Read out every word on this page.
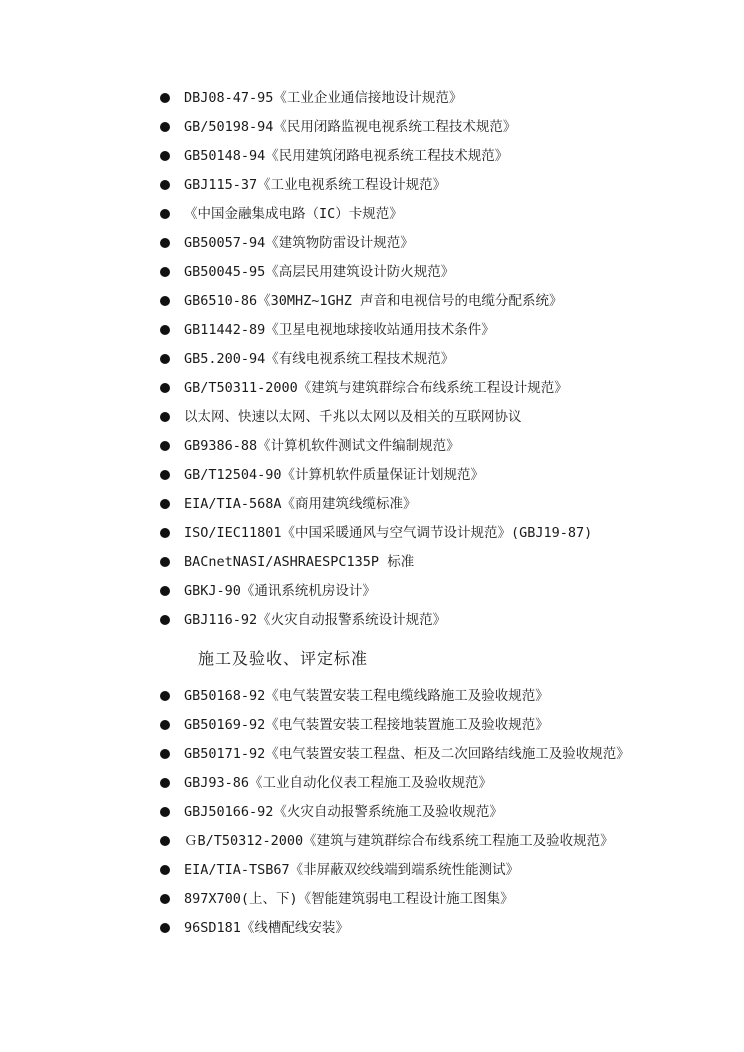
DBJ08-47-95《工业企业通信接地设计规范》
GB/50198-94《民用闭路监视电视系统工程技术规范》
GB50148-94《民用建筑闭路电视系统工程技术规范》
GBJ115-37《工业电视系统工程设计规范》
《中国金融集成电路（IC）卡规范》
GB50057-94《建筑物防雷设计规范》
GB50045-95《高层民用建筑设计防火规范》
GB6510-86《30MHZ~1GHZ 声音和电视信号的电缆分配系统》
GB11442-89《卫星电视地球接收站通用技术条件》
GB5.200-94《有线电视系统工程技术规范》
GB/T50311-2000《建筑与建筑群综合布线系统工程设计规范》
以太网、快速以太网、千兆以太网以及相关的互联网协议
GB9386-88《计算机软件测试文件编制规范》
GB/T12504-90《计算机软件质量保证计划规范》
EIA/TIA-568A《商用建筑线缆标准》
ISO/IEC11801《中国采暖通风与空气调节设计规范》(GBJ19-87)
BACnetNASI/ASHRAESPC135P 标准
GBKJ-90《通讯系统机房设计》
GBJ116-92《火灾自动报警系统设计规范》
施工及验收、评定标准
GB50168-92《电气装置安装工程电缆线路施工及验收规范》
GB50169-92《电气装置安装工程接地装置施工及验收规范》
GB50171-92《电气装置安装工程盘、柜及二次回路结线施工及验收规范》
GBJ93-86《工业自动化仪表工程施工及验收规范》
GBJ50166-92《火灾自动报警系统施工及验收规范》
ＧB/T50312-2000《建筑与建筑群综合布线系统工程施工及验收规范》
EIA/TIA-TSB67《非屏蔽双绞线端到端系统性能测试》
897X700(上、下)《智能建筑弱电工程设计施工图集》
96SD181《线槽配线安装》
